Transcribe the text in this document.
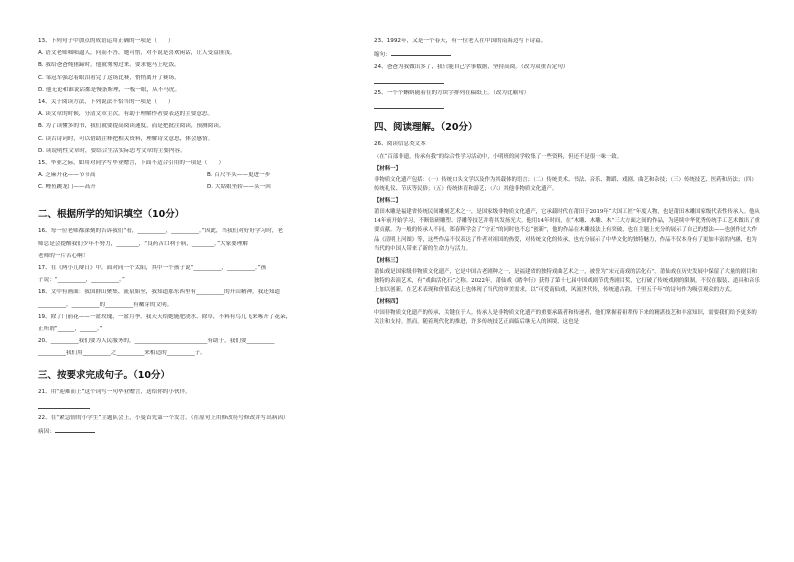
13、下列句子中加点的成语运用正确的一项是（　　）
A. 语文老师咄咄逼人，问而不答，她可惜，对不说是喜欢闲话，让人受益匪浅。
B. 我给爸爸炖猪蹄时，他就匆匆过来，要求他马上吃饭。
C. 邹冠军强忍着眼泪看完了这场比赛，悄悄离开了赛场。
D. 他无论和谁说话都是慢条斯理，一板一眼，从不马虎。
14、关于阅读方法，下列说法不恰当的一项是（　　）
A. 读文章的时候，分清文章主次，有助于理解作者要表达的主要意思。
B. 为了读懂多的书，我们就要提高阅读速度，而是把批注阅读，预测阅读。
C. 读古诗词时，可以借助注释把相关资料，理解诗文意思，体会感情。
D. 读说明性文章时，要结合生活实际思考文章的主要内容。
15、毕业之际，如用对同学写毕业赠言，下面不适合引用的一项是（　　）
A. 芝麻开花——节节高	B. 百尺竿头——更进一步
C. 鲤鱼跳龙门——高升	D. 大姑娘坐轿——头一回
二、根据所学的知识填空（10分）
16、每一位老师都深刻的告诉我们“看，__________，__________。”因此，当我们对好好学习时，老
师总是会提醒我们少年不努力，________，“良药苦口利于病，________。”大家要理解
老师的一片苦心啊！
17、在《两小儿辩日》中，面对同一个太阳，其中一个孩子说“__________，__________。”孩
子说：“__________，__________。”
18、文中有画面：我国群山聚集、流泉始至，我知道那东西里有__________的开山精神，我还知道
__________，__________的__________有嫩芽的文明。
19、除了门前花——一盆玫瑰，一盆月季。我天天给她施肥浇水、除草，不料有鸟儿飞来啄开了花朵，
正所谓“______，______。”
20、__________我们要为人民服务的，__________________________有助于，我们要__________
__________我们用__________之__________来相适的__________子。
三、按要求完成句子。（10分）
21、用“迎难而上”这个词写一句毕业赠言，送给你的小伙伴。
22、在“紧急情的小学生”主题队会上，小曼首先第一个发言。（在原句上用修改符号修改并写出病因）
病因：
23、1992年，又是一个春天，有一位老人在中国的南海边写下诗篇。
缩句：
24、爸爸为我做出多了，我只能自己学事数据，坚持高阅。（改为双重否定句）
25、一个个蝌蚪随着在的方块字排列在稿纸上。（改为比喻句）
四、阅读理解。（20分）
26、阅读信息类文本
（在“百部非遗，传承有我”的综合性学习活动中，小明班的同学收集了一些资料，但还不是很一味一致。
【材料一】
非物质文化遗产包括：（一）传统口头文学以及作为其载体的语言；（二）传统美术、书法、音乐、舞蹈、戏剧、曲艺和杂技；（三）传统技艺、医药和历法；（四）传统礼仪、节庆等民俗；（五）传统体育和游艺；（六）其他非物质文化遗产。
【材料二】
莆田木雕是福建省传统民间雕刻艺术之一，是国家级非物质文化遗产，它承载时代在莆田于2019年“大国工匠”年度人物，也是莆田木雕国家级代表性传承人。他从14年前开始学习，不断钻研雕塑、浮雕等技艺并将其发扬光大。他用14年时间，在“木雕、木雕、木”三大方面之间的作品，为延续中华优秀传统手工艺术做出了重要贡献。为一般的传承人不同，郑春辉学会了“守正”的同时也不忘“创新”，他的作品在木雕技法上有突破，也在主题上充分的展示了自己的想法——也创作过大作品《清明上河图》等，这些作品不仅表达了作者对祖国的热爱，对传统文化的传承，也充分展示了中华文化的独特魅力，作品不仅本身有了更加丰富的内涵，也为当代的中国人带来了新的生命力与活力。
【材料三】
莆仙戏是国家级非物质文化遗产，它是中国古老剧种之一，是福建省的独特戏曲艺术之一，被誉为“宋元南戏的活化石”。莆仙戏在历史发展中保留了大量的剧目和独特的表演艺术，有“戏曲活化石”之称。2022年，莆仙戏《踏伞行》获得了第十七届中国戏剧节优秀剧目奖，它打破了传统戏剧的限制，不仅在服装、道具和音乐上加以创新，在艺术表现和价值表达上也体现了当代的审美需求，以“可爱南仙戏，风流世代传，传统遗古韵，千里五千年”的诗句作为吸引观众的方式。
【材料四】
中国非物质文化遗产的传承，关键在于人。传承人是非物质文化遗产的重要承载者和传递者，他们掌握着祖辈传下来的精湛技艺和丰富知识，需要我们给予更多的关注和支持。然而，随着现代化的推进，许多传统技艺正面临后继无人的困境，这也是
